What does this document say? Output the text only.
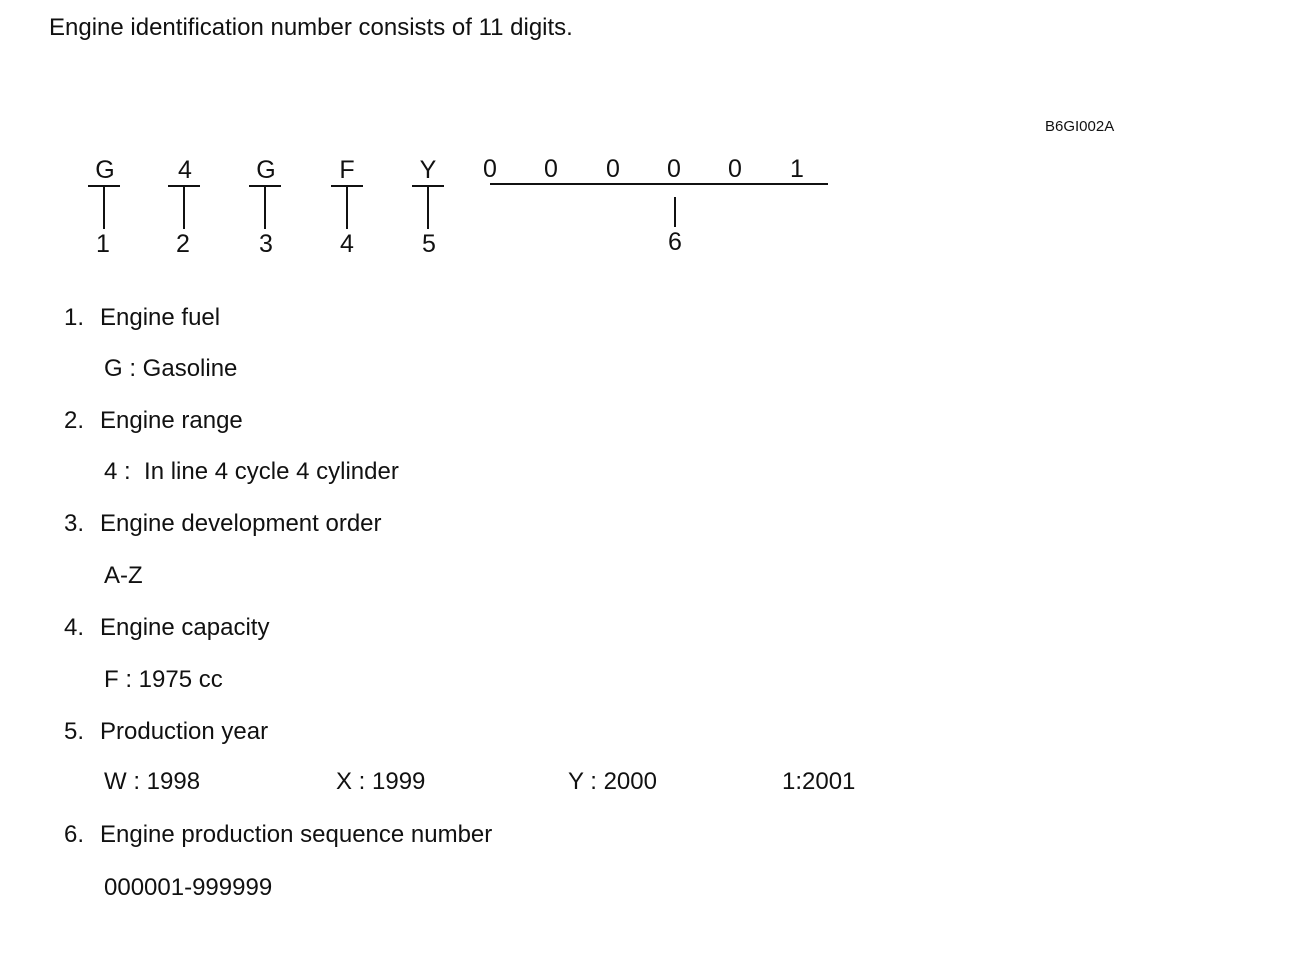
Engine identification number consists of 11 digits.
B6GI002A
G	4	G	F	Y
1	2	3	4	5
0	0	0	0	0	1
6
1. Engine fuel
G : Gasoline
2. Engine range
4 :  In line 4 cycle 4 cylinder
3. Engine development order
A-Z
4. Engine capacity
F : 1975 cc
5. Production year
W : 1998	X : 1999	Y : 2000	1:2001
6. Engine production sequence number
000001-999999
